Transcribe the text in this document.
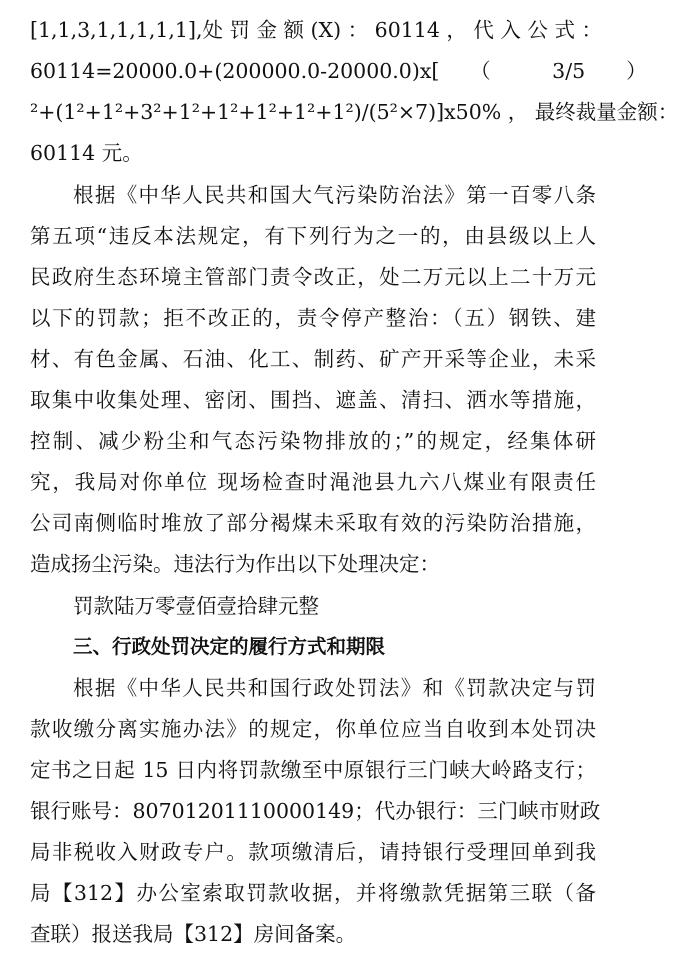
[1,1,3,1,1,1,1,1],处 罚 金 额 (X) ： 60114 ， 代 入 公 式 ：
60114=20000.0+(200000.0-20000.0)x[　　（　　　3/5　　）
²+(1²+1²+3²+1²+1²+1²+1²+1²)/(5²×7)]x50% ， 最终裁量金额：
60114 元。
根据《中华人民共和国大气污染防治法》第一百零八条
第五项“违反本法规定，有下列行为之一的，由县级以上人
民政府生态环境主管部门责令改正，处二万元以上二十万元
以下的罚款；拒不改正的，责令停产整治：（五）钢铁、建
材、有色金属、石油、化工、制药、矿产开采等企业，未采
取集中收集处理、密闭、围挡、遮盖、清扫、洒水等措施，
控制、减少粉尘和气态污染物排放的；”的规定，经集体研
究，我局对你单位 现场检查时渑池县九六八煤业有限责任
公司南侧临时堆放了部分褐煤未采取有效的污染防治措施，
造成扬尘污染。违法行为作出以下处理决定：
罚款陆万零壹佰壹拾肆元整
三、行政处罚决定的履行方式和期限
根据《中华人民共和国行政处罚法》和《罚款决定与罚
款收缴分离实施办法》的规定，你单位应当自收到本处罚决
定书之日起 15 日内将罚款缴至中原银行三门峡大岭路支行；
银行账号：80701201110000149；代办银行：三门峡市财政
局非税收入财政专户。款项缴清后，请持银行受理回单到我
局【312】办公室索取罚款收据，并将缴款凭据第三联（备
查联）报送我局【312】房间备案。
